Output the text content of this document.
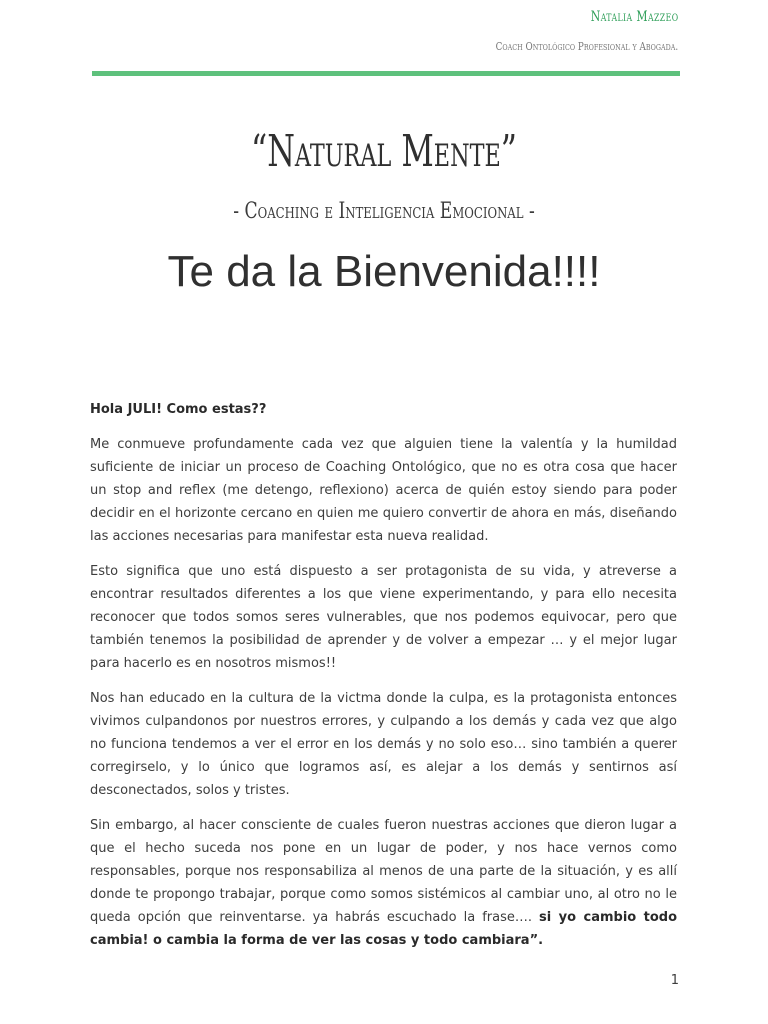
Natalia Mazzeo
Coach Ontológico Profesional y Abogada.
“Natural Mente”
- Coaching e Inteligencia Emocional -
Te da la Bienvenida!!!!

Hola JULI! Como estas??

Me conmueve profundamente cada vez que alguien tiene la valentía y la humildad suficiente de iniciar un proceso de Coaching Ontológico, que no es otra cosa que hacer un stop and reflex (me detengo, reflexiono) acerca de quién estoy siendo para poder decidir en el horizonte cercano en quien me quiero convertir de ahora en más, diseñando las acciones necesarias para manifestar esta nueva realidad.

Esto significa que uno está dispuesto a ser protagonista de su vida, y atreverse a encontrar resultados diferentes a los que viene experimentando, y para ello necesita reconocer que todos somos seres vulnerables, que nos podemos equivocar, pero que también tenemos la posibilidad de aprender y de volver a empezar … y el mejor lugar para hacerlo es en nosotros mismos!!

Nos han educado en la cultura de la victma donde la culpa, es la protagonista entonces vivimos culpandonos por nuestros errores, y culpando a los demás y cada vez que algo no funciona tendemos a ver el error en los demás y no solo eso… sino también a querer corregirselo, y lo único que logramos así, es alejar a los demás y sentirnos así desconectados, solos y tristes.

Sin embargo, al hacer consciente de cuales fueron nuestras acciones que dieron lugar a que el hecho suceda nos pone en un lugar de poder, y nos hace vernos como responsables, porque nos responsabiliza al menos de una parte de la situación, y es allí donde te propongo trabajar, porque como somos sistémicos al cambiar uno, al otro no le queda opción que reinventarse. ya habrás escuchado la frase…. si yo cambio todo cambia! o cambia la forma de ver las cosas y todo cambiara”.

1
